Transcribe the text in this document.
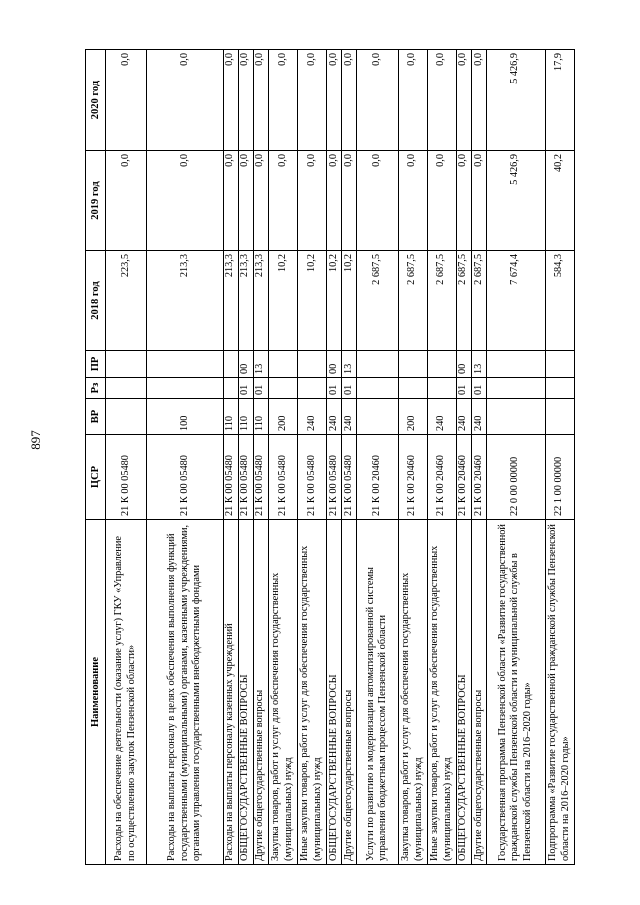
897
Наименование	ЦСР	ВР	Рз	ПР	2018 год	2019 год	2020 год
Расходы на обеспечение деятельности (оказание услуг) ГКУ «Управление по осуществлению закупок Пензенской области»	21 К 00 05480				223,5	0,0	0,0
Расходы на выплаты персоналу в целях обеспечения выполнения функций государственными (муниципальными) органами, казенными учреждениями, органами управления государственными внебюджетными фондами	21 К 00 05480	100			213,3	0,0	0,0
Расходы на выплаты персоналу казенных учреждений	21 К 00 05480	110			213,3	0,0	0,0
ОБЩЕГОСУДАРСТВЕННЫЕ ВОПРОСЫ	21 К 00 05480	110	01	00	213,3	0,0	0,0
Другие общегосударственные вопросы	21 К 00 05480	110	01	13	213,3	0,0	0,0
Закупка товаров, работ и услуг для обеспечения государственных (муниципальных) нужд	21 К 00 05480	200			10,2	0,0	0,0
Иные закупки товаров, работ и услуг для обеспечения государственных (муниципальных) нужд	21 К 00 05480	240			10,2	0,0	0,0
ОБЩЕГОСУДАРСТВЕННЫЕ ВОПРОСЫ	21 К 00 05480	240	01	00	10,2	0,0	0,0
Другие общегосударственные вопросы	21 К 00 05480	240	01	13	10,2	0,0	0,0
Услуги по развитию и модернизации автоматизированной системы управления бюджетным процессом Пензенской области	21 К 00 20460				2 687,5	0,0	0,0
Закупка товаров, работ и услуг для обеспечения государственных (муниципальных) нужд	21 К 00 20460	200			2 687,5	0,0	0,0
Иные закупки товаров, работ и услуг для обеспечения государственных (муниципальных) нужд	21 К 00 20460	240			2 687,5	0,0	0,0
ОБЩЕГОСУДАРСТВЕННЫЕ ВОПРОСЫ	21 К 00 20460	240	01	00	2 687,5	0,0	0,0
Другие общегосударственные вопросы	21 К 00 20460	240	01	13	2 687,5	0,0	0,0
Государственная программа Пензенской области «Развитие государственной гражданской службы Пензенской области и муниципальной службы в Пензенской области на 2016–2020 годы»	22 0 00 00000				7 674,4	5 426,9	5 426,9
Подпрограмма «Развитие государственной гражданской службы Пензенской области на 2016–2020 годы»	22 1 00 00000				584,3	40,2	17,9
